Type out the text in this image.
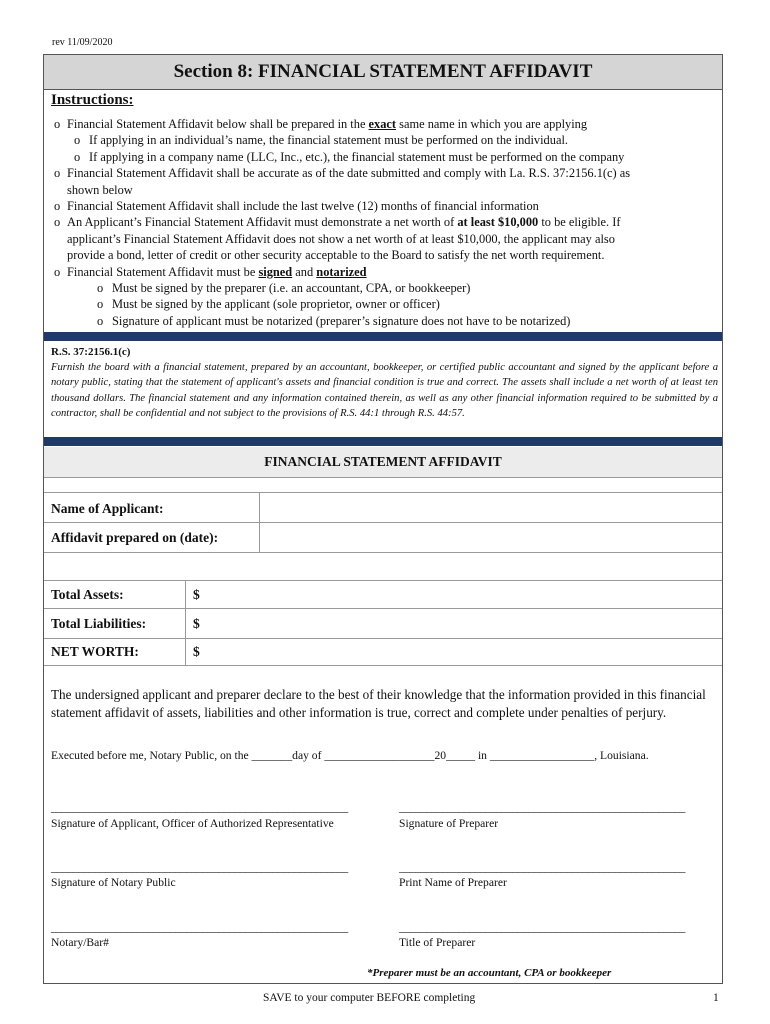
rev 11/09/2020
Section 8: FINANCIAL STATEMENT AFFIDAVIT
Instructions:
o Financial Statement Affidavit below shall be prepared in the exact same name in which you are applying
o If applying in an individual’s name, the financial statement must be performed on the individual.
o If applying in a company name (LLC, Inc., etc.), the financial statement must be performed on the company
o Financial Statement Affidavit shall be accurate as of the date submitted and comply with La. R.S. 37:2156.1(c) as
shown below
o Financial Statement Affidavit shall include the last twelve (12) months of financial information
o An Applicant’s Financial Statement Affidavit must demonstrate a net worth of at least $10,000 to be eligible. If
applicant’s Financial Statement Affidavit does not show a net worth of at least $10,000, the applicant may also
provide a bond, letter of credit or other security acceptable to the Board to satisfy the net worth requirement.
o Financial Statement Affidavit must be signed and notarized
o Must be signed by the preparer (i.e. an accountant, CPA, or bookkeeper)
o Must be signed by the applicant (sole proprietor, owner or officer)
o Signature of applicant must be notarized (preparer’s signature does not have to be notarized)
R.S. 37:2156.1(c)
Furnish the board with a financial statement, prepared by an accountant, bookkeeper, or certified public accountant and signed by the applicant before a notary public, stating that the statement of applicant's assets and financial condition is true and correct. The assets shall include a net worth of at least ten thousand dollars. The financial statement and any information contained therein, as well as any other financial information required to be submitted by a contractor, shall be confidential and not subject to the provisions of R.S. 44:1 through R.S. 44:57.
FINANCIAL STATEMENT AFFIDAVIT
Name of Applicant:
Affidavit prepared on (date):
Total Assets:	$
Total Liabilities:	$
NET WORTH:	$
The undersigned applicant and preparer declare to the best of their knowledge that the information provided in this financial statement affidavit of assets, liabilities and other information is true, correct and complete under penalties of perjury.
Executed before me, Notary Public, on the _______day of ___________________20_____ in __________________, Louisiana.
_______________________________________________________	_____________________________________________________
Signature of Applicant, Officer of Authorized Representative	Signature of Preparer
_______________________________________________________	_____________________________________________________
Signature of Notary Public	Print Name of Preparer
_______________________________________________________	_____________________________________________________
Notary/Bar#	Title of Preparer
*Preparer must be an accountant, CPA or bookkeeper
SAVE to your computer BEFORE completing	1
